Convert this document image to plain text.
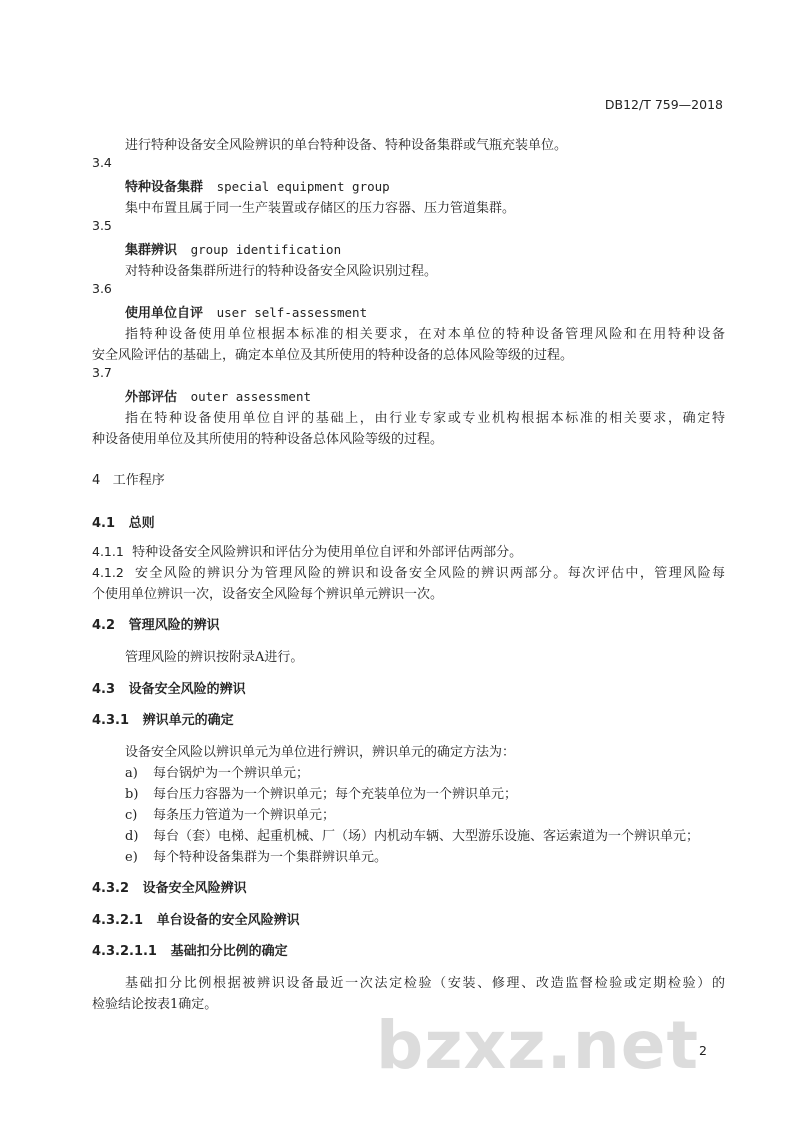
DB12/T 759—2018
进行特种设备安全风险辨识的单台特种设备、特种设备集群或气瓶充装单位。
3.4
特种设备集群 special equipment group
集中布置且属于同一生产装置或存储区的压力容器、压力管道集群。
3.5
集群辨识 group identification
对特种设备集群所进行的特种设备安全风险识别过程。
3.6
使用单位自评 user self-assessment
指特种设备使用单位根据本标准的相关要求，在对本单位的特种设备管理风险和在用特种设备
安全风险评估的基础上，确定本单位及其所使用的特种设备的总体风险等级的过程。
3.7
外部评估 outer assessment
指在特种设备使用单位自评的基础上，由行业专家或专业机构根据本标准的相关要求，确定特
种设备使用单位及其所使用的特种设备总体风险等级的过程。
4 工作程序
4.1 总则
4.1.1 特种设备安全风险辨识和评估分为使用单位自评和外部评估两部分。
4.1.2 安全风险的辨识分为管理风险的辨识和设备安全风险的辨识两部分。每次评估中，管理风险每
个使用单位辨识一次，设备安全风险每个辨识单元辨识一次。
4.2 管理风险的辨识
管理风险的辨识按附录A进行。
4.3 设备安全风险的辨识
4.3.1 辨识单元的确定
设备安全风险以辨识单元为单位进行辨识，辨识单元的确定方法为：
a) 每台锅炉为一个辨识单元；
b) 每台压力容器为一个辨识单元；每个充装单位为一个辨识单元；
c) 每条压力管道为一个辨识单元；
d) 每台（套）电梯、起重机械、厂（场）内机动车辆、大型游乐设施、客运索道为一个辨识单元；
e) 每个特种设备集群为一个集群辨识单元。
4.3.2 设备安全风险辨识
4.3.2.1 单台设备的安全风险辨识
4.3.2.1.1 基础扣分比例的确定
基础扣分比例根据被辨识设备最近一次法定检验（安装、修理、改造监督检验或定期检验）的
检验结论按表1确定。
bzxz.net 2
